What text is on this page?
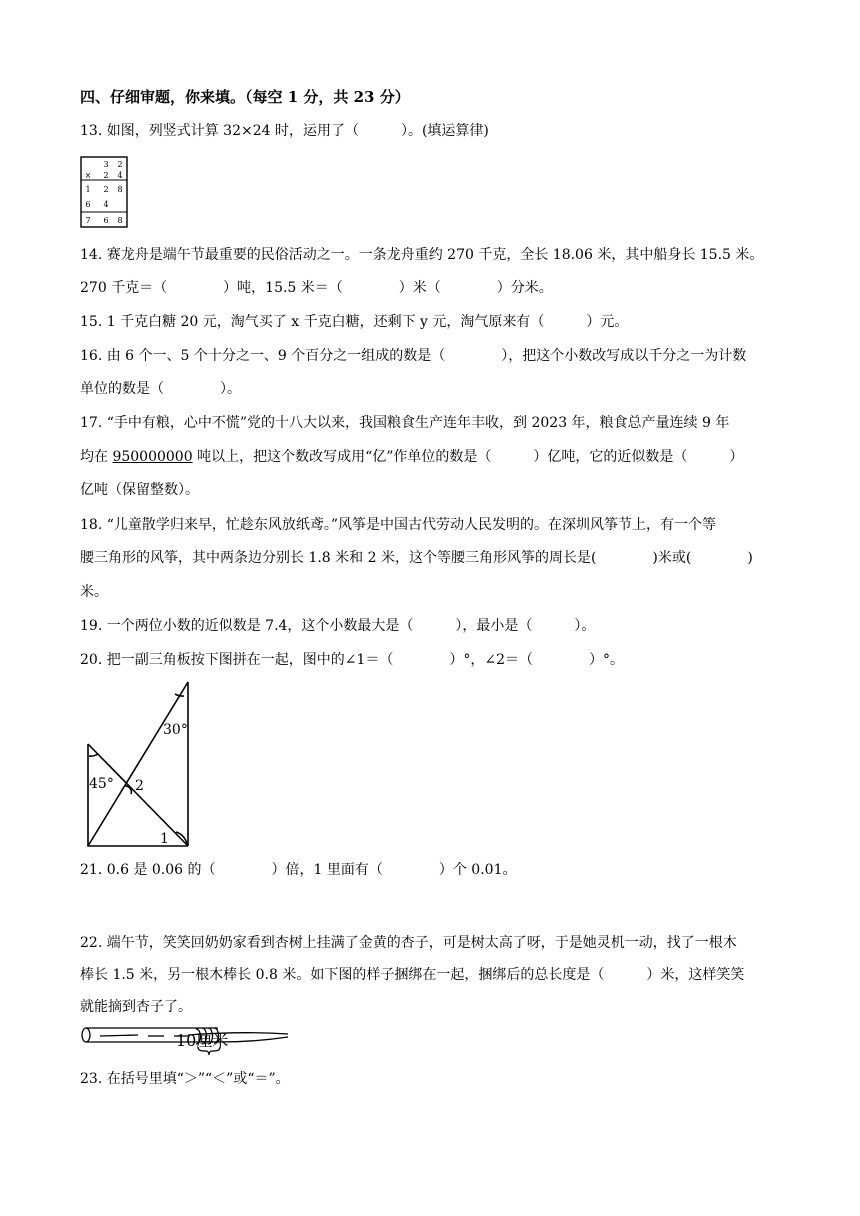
四、仔细审题，你来填。（每空 1 分，共 23 分）
13. 如图，列竖式计算 32×24 时，运用了（　　　）。(填运算律)
3 2
× 2 4
1 2 8
6 4
7 6 8
14. 赛龙舟是端午节最重要的民俗活动之一。一条龙舟重约 270 千克，全长 18.06 米，其中船身长 15.5 米。
270 千克＝（　　　　）吨，15.5 米＝（　　　　）米（　　　　）分米。
15. 1 千克白糖 20 元，淘气买了 x 千克白糖，还剩下 y 元，淘气原来有（　　　）元。
16. 由 6 个一、5 个十分之一、9 个百分之一组成的数是（　　　　），把这个小数改写成以千分之一为计数
单位的数是（　　　　）。
17. “手中有粮，心中不慌”党的十八大以来，我国粮食生产连年丰收，到 2023 年，粮食总产量连续 9 年
均在 950000000 吨以上，把这个数改写成用“亿”作单位的数是（　　　）亿吨，它的近似数是（　　　）
亿吨（保留整数）。
18. “儿童散学归来早，忙趁东风放纸鸢。”风筝是中国古代劳动人民发明的。在深圳风筝节上，有一个等
腰三角形的风筝，其中两条边分别长 1.8 米和 2 米，这个等腰三角形风筝的周长是(　　　　)米或(　　　　)
米。
19. 一个两位小数的近似数是 7.4，这个小数最大是（　　　），最小是（　　　）。
20. 把一副三角板按下图拼在一起，图中的∠1＝（　　　　）°，∠2＝（　　　　）°。
30°
45° 2
1
21. 0.6 是 0.06 的（　　　　）倍，1 里面有（　　　　）个 0.01。
22. 端午节，笑笑回奶奶家看到杏树上挂满了金黄的杏子，可是树太高了呀，于是她灵机一动，找了一根木
棒长 1.5 米，另一根木棒长 0.8 米。如下图的样子捆绑在一起，捆绑后的总长度是（　　　）米，这样笑笑
就能摘到杏子了。
10厘米
23. 在括号里填“＞”“＜”或“＝”。
